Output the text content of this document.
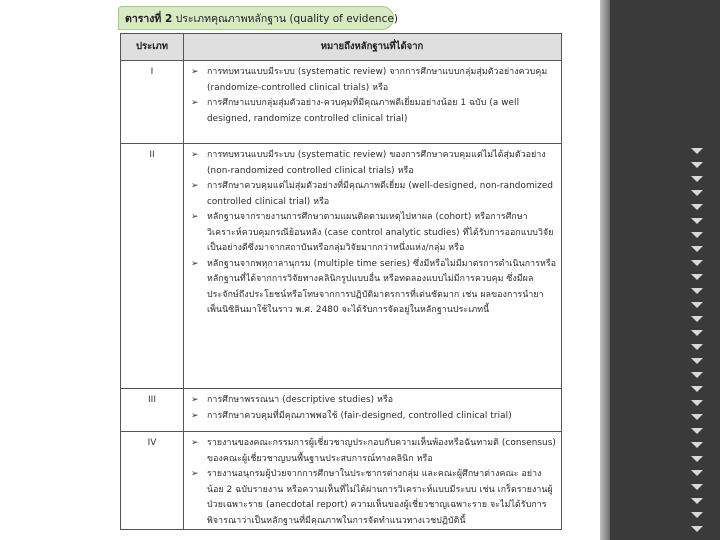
ตารางที่ 2 ประเภทคุณภาพหลักฐาน (quality of evidence)
ประเภท	หมายถึงหลักฐานที่ได้จาก
I	➢ การทบทวนแบบมีระบบ (systematic review) จากการศึกษาแบบกลุ่มสุ่มตัวอย่างควบคุม (randomize-controlled clinical trials) หรือ
➢ การศึกษาแบบกลุ่มสุ่มตัวอย่าง-ควบคุมที่มีคุณภาพดีเยี่ยมอย่างน้อย 1 ฉบับ (a well designed, randomize controlled clinical trial)
II	➢ การทบทวนแบบมีระบบ (systematic review) ของการศึกษาควบคุมแต่ไม่ได้สุ่มตัวอย่าง (non-randomized controlled clinical trials) หรือ
➢ การศึกษาควบคุมแต่ไม่สุ่มตัวอย่างที่มีคุณภาพดีเยี่ยม (well-designed, non-randomized controlled clinical trial) หรือ
➢ หลักฐานจากรายงานการศึกษาตามแผนติดตามเหตุไปหาผล (cohort) หรือการศึกษาวิเคราะห์ควบคุมกรณีย้อนหลัง (case control analytic studies) ที่ได้รับการออกแบบวิจัยเป็นอย่างดีซึ่งมาจากสถาบันหรือกลุ่มวิจัยมากกว่าหนึ่งแห่ง/กลุ่ม หรือ
➢ หลักฐานจากพหุกาลานุกรม (multiple time series) ซึ่งมีหรือไม่มีมาตรการดำเนินการหรือ หลักฐานที่ได้จากการวิจัยทางคลินิกรูปแบบอื่น หรือทดลองแบบไม่มีการควบคุม ซึ่งมีผลประจักษ์ถึงประโยชน์หรือโทษจากการปฏิบัติมาตรการที่เด่นชัดมาก เช่น ผลของการนำยาเพ็นนิซิลินมาใช้ในราว พ.ศ. 2480 จะได้รับการจัดอยู่ในหลักฐานประเภทนี้
III	➢ การศึกษาพรรณนา (descriptive studies) หรือ
➢ การศึกษาควบคุมที่มีคุณภาพพอใช้ (fair-designed, controlled clinical trial)
IV	➢ รายงานของคณะกรรมการผู้เชี่ยวชาญประกอบกับความเห็นพ้องหรือฉันทามติ (consensus) ของคณะผู้เชี่ยวชาญบนพื้นฐานประสบการณ์ทางคลินิก หรือ
➢ รายงานอนุกรมผู้ป่วยจากการศึกษาในประชากรต่างกลุ่ม และคณะผู้ศึกษาต่างคณะ อย่างน้อย 2 ฉบับรายงาน หรือความเห็นที่ไม่ได้ผ่านการวิเคราะห์แบบมีระบบ เช่น เกร็ดรายงานผู้ป่วยเฉพาะราย (anecdotal report) ความเห็นของผู้เชี่ยวชาญเฉพาะราย จะไม่ได้รับการพิจารณาว่าเป็นหลักฐานที่มีคุณภาพในการจัดทำแนวทางเวชปฏิบัตินี้
